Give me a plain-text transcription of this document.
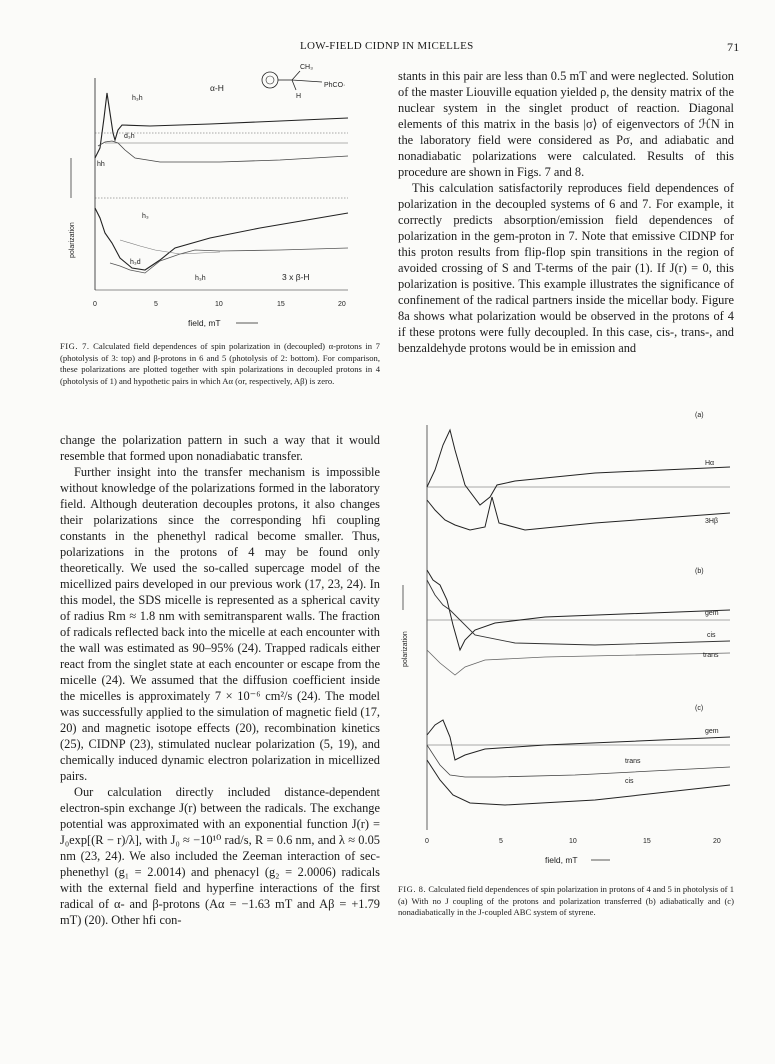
LOW-FIELD CIDNP IN MICELLES	71
CH₃
PhCO·
H
α-H
h₃h
d₃h
hh
h₃
h₃d
h₃h	3 x β-H
0	5	10	15	20
field, mT
polarization
FIG. 7. Calculated field dependences of spin polarization in (decoupled) α-protons in 7 (photolysis of 3: top) and β-protons in 6 and 5 (photolysis of 2: bottom). For comparison, these polarizations are plotted together with spin polarizations in decoupled protons in 4 (photolysis of 1) and hypothetic pairs in which Aα (or, respectively, Aβ) is zero.

stants in this pair are less than 0.5 mT and were neglected. Solution of the master Liouville equation yielded ρ, the density matrix of the nuclear system in the singlet product of reaction. Diagonal elements of this matrix in the basis |σ⟩ of eigenvectors of ℋN in the laboratory field were considered as Pσ, and adiabatic and nonadiabatic polarizations were calculated. Results of this procedure are shown in Figs. 7 and 8.

This calculation satisfactorily reproduces field dependences of polarization in the decoupled systems of 6 and 7. For example, it correctly predicts absorption/emission field dependences of polarization in the gem-proton in 7. Note that emissive CIDNP for this proton results from flip-flop spin transitions in the region of avoided crossing of S and T-terms of the pair (1). If J(r) = 0, this polarization is positive. This example illustrates the significance of confinement of the radical partners inside the micellar body. Figure 8a shows what polarization would be observed in the protons of 4 if these protons were fully decoupled. In this case, cis-, trans-, and benzaldehyde protons would be in emission and

change the polarization pattern in such a way that it would resemble that formed upon nonadiabatic transfer.

Further insight into the transfer mechanism is impossible without knowledge of the polarizations formed in the laboratory field. Although deuteration decouples protons, it also changes their polarizations since the corresponding hfi coupling constants in the phenethyl radical become smaller. Thus, polarizations in the protons of 4 may be found only theoretically. We used the so-called supercage model of the micellized pairs developed in our previous work (17, 23, 24). In this model, the SDS micelle is represented as a spherical cavity of radius Rm ≈ 1.8 nm with semitransparent walls. The fraction of radicals reflected back into the micelle at each encounter with the wall was estimated as 90–95% (24). Trapped radicals either react from the singlet state at each encounter or escape from the micelle (24). We assumed that the diffusion coefficient inside the micelles is approximately 7 × 10⁻⁶ cm²/s (24). The model was successfully applied to the simulation of magnetic field (17, 20) and magnetic isotope effects (20), recombination kinetics (25), CIDNP (23), stimulated nuclear polarization (5, 19), and chemically induced dynamic electron polarization in micellized pairs.

Our calculation directly included distance-dependent electron-spin exchange J(r) between the radicals. The exchange potential was approximated with an exponential function J(r) = J₀exp[(R − r)/λ], with J₀ ≈ −10¹⁰ rad/s, R = 0.6 nm, and λ ≈ 0.05 nm (23, 24). We also included the Zeeman interaction of sec-phenethyl (g₁ = 2.0014) and phenacyl (g₂ = 2.0006) radicals with the external field and hyperfine interactions of the first radical of α- and β-protons (Aα = −1.63 mT and Aβ = +1.79 mT) (20). Other hfi con-

(a)
(b)
(c)
Hα
3Hβ
gem
cis
trans
gem
trans
cis
0	5	10	15	20
field, mT
polarization
FIG. 8. Calculated field dependences of spin polarization in protons of 4 and 5 in photolysis of 1 (a) With no J coupling of the protons and polarization transferred (b) adiabatically and (c) nonadiabatically in the J-coupled ABC system of styrene.
